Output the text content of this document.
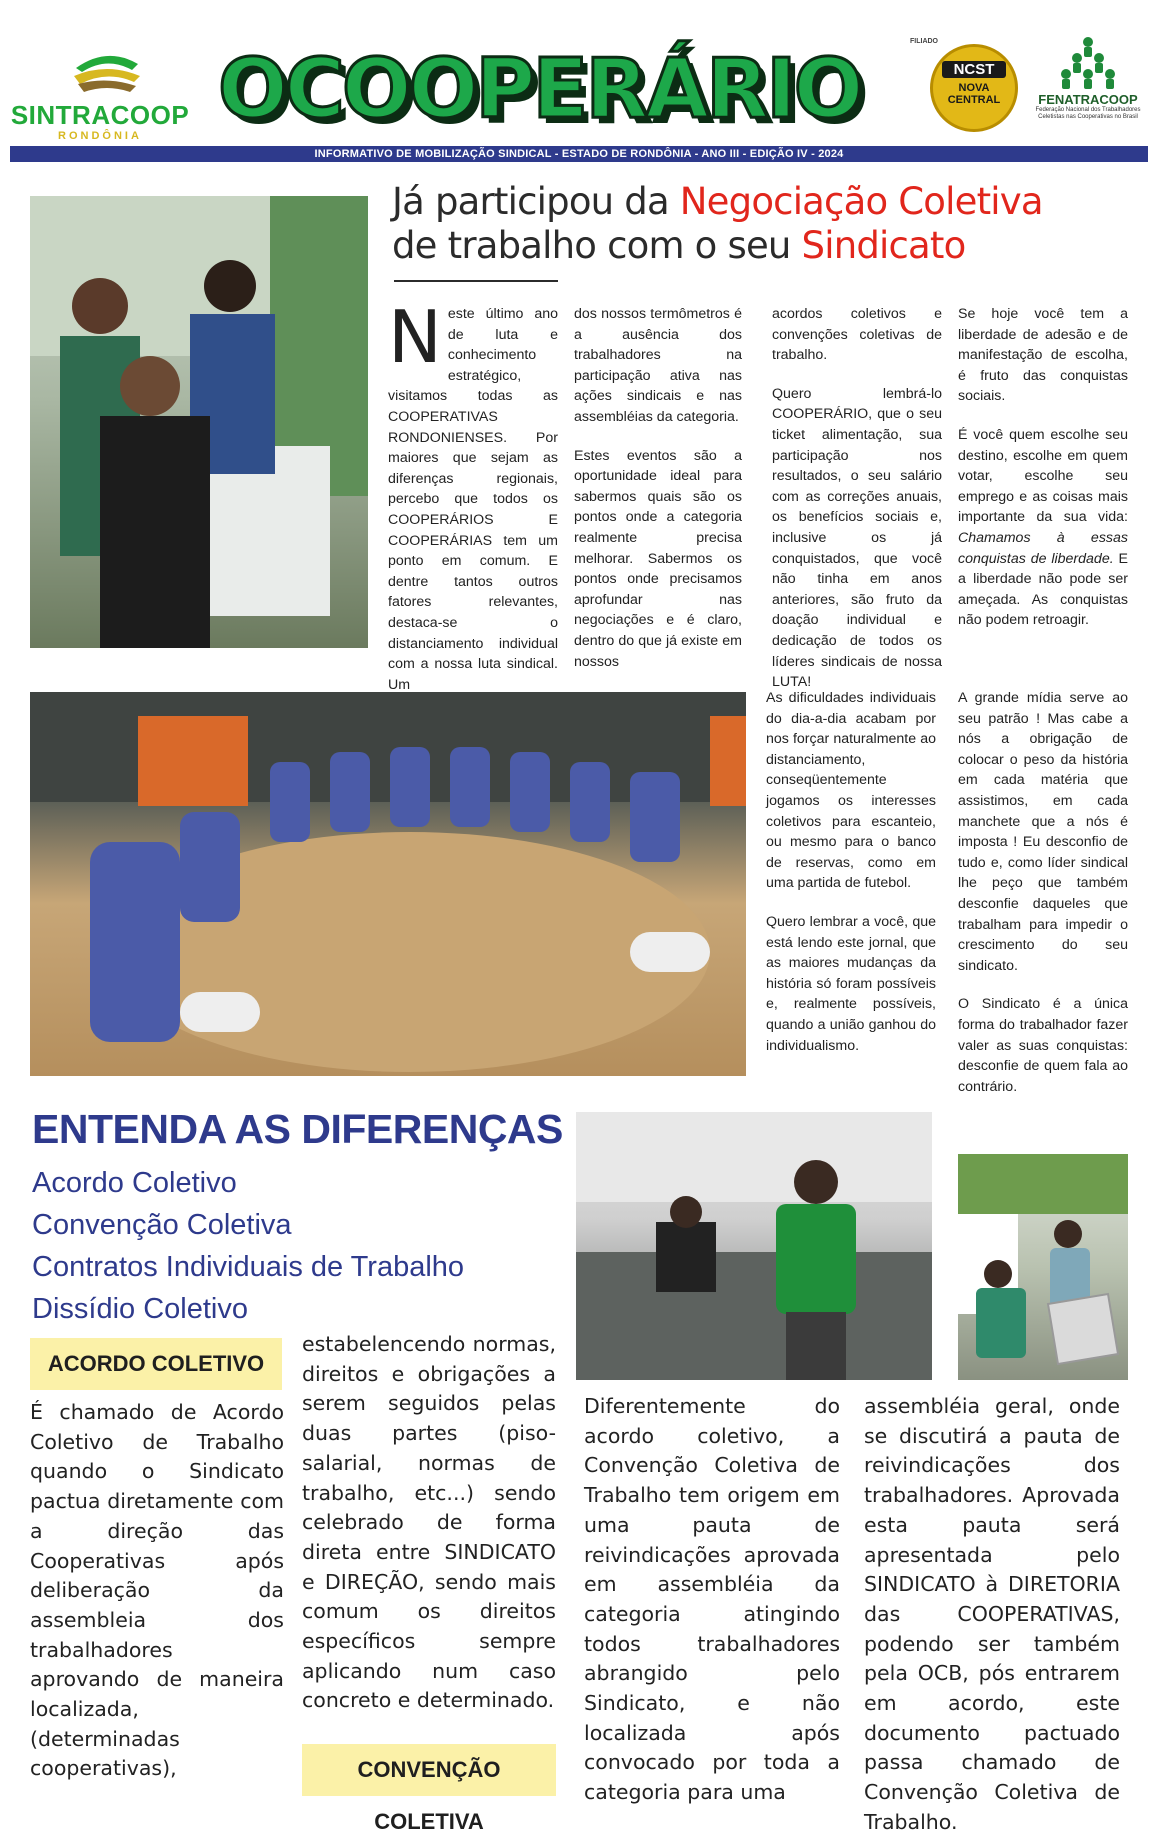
SINTRACOOP
RONDÔNIA OCOOPERÁRIO
FILIADO
NCST
NOVA CENTRAL	FENATRACOOP
Federação Nacional dos Trabalhadores Celetistas nas Cooperativas no Brasil
INFORMATIVO DE MOBILIZAÇÃO SINDICAL - ESTADO DE RONDÔNIA - ANO III - EDIÇÃO IV - 2024
Já participou da Negociação Coletiva
de trabalho com o seu Sindicato

Neste último ano de luta e conhecimento estratégico, visitamos todas as COOPERATIVAS RONDONIENSES. Por maiores que sejam as diferenças regionais, percebo que todos os COOPERÁRIOS E COOPERÁRIAS tem um ponto em comum. E dentre tantos outros fatores relevantes, destaca-se o distanciamento individual com a nossa luta sindical. Um

dos nossos termômetros é a ausência dos trabalhadores na participação ativa nas ações sindicais e nas assembléias da categoria.

Estes eventos são a oportunidade ideal para sabermos quais são os pontos onde a categoria realmente precisa melhorar. Sabermos os pontos onde precisamos aprofundar nas negociações e é claro, dentro do que já existe em nossos

acordos coletivos e convenções coletivas de trabalho.

Quero lembrá-lo COOPERÁRIO, que o seu ticket alimentação, sua participação nos resultados, o seu salário com as correções anuais, os benefícios sociais e, inclusive os já conquistados, que você não tinha em anos anteriores, são fruto da doação individual e dedicação de todos os líderes sindicais de nossa LUTA!

Se hoje você tem a liberdade de adesão e de manifestação de escolha, é fruto das conquistas sociais.

É você quem escolhe seu destino, escolhe em quem votar, escolhe seu emprego e as coisas mais importante da sua vida: Chamamos à essas conquistas de liberdade. E a liberdade não pode ser ameçada. As conquistas não podem retroagir.

As dificuldades individuais do dia-a-dia acabam por nos forçar naturalmente ao distanciamento, conseqüentemente jogamos os interesses coletivos para escanteio, ou mesmo para o banco de reservas, como em uma partida de futebol.

Quero lembrar a você, que está lendo este jornal, que as maiores mudanças da história só foram possíveis e, realmente possíveis, quando a união ganhou do individualismo.

A grande mídia serve ao seu patrão ! Mas cabe a nós a obrigação de colocar o peso da história em cada matéria que assistimos, em cada manchete que a nós é imposta ! Eu desconfio de tudo e, como líder sindical lhe peço que também desconfie daqueles que trabalham para impedir o crescimento do seu sindicato.

O Sindicato é a única forma do trabalhador fazer valer as suas conquistas: desconfie de quem fala ao contrário.

ENTENDA AS DIFERENÇAS
Acordo Coletivo
Convenção Coletiva
Contratos Individuais de Trabalho
Dissídio Coletivo
ACORDO COLETIVO
CONVENÇÃO COLETIVA
É chamado de Acordo Coletivo de Trabalho quando o Sindicato pactua diretamente com a direção das Cooperativas após deliberação da assembleia dos trabalhadores aprovando de maneira localizada, (determinadas cooperativas),
estabelencendo normas, direitos e obrigações a serem seguidos pelas duas partes (piso-salarial, normas de trabalho, etc...) sendo celebrado de forma direta entre SINDICATO e DIREÇÃO, sendo mais comum os direitos específicos sempre aplicando num caso concreto e determinado.
Diferentemente do acordo coletivo, a Convenção Coletiva de Trabalho tem origem em uma pauta de reivindicações aprovada em assembléia da categoria atingindo todos trabalhadores abrangido pelo Sindicato, e não localizada após convocado por toda a categoria para uma
assembléia geral, onde se discutirá a pauta de reivindicações dos trabalhadores. Aprovada esta pauta será apresentada pelo SINDICATO à DIRETORIA das COOPERATIVAS, podendo ser também pela OCB, pós entrarem em acordo, este documento pactuado passa chamado de Convenção Coletiva de Trabalho.
